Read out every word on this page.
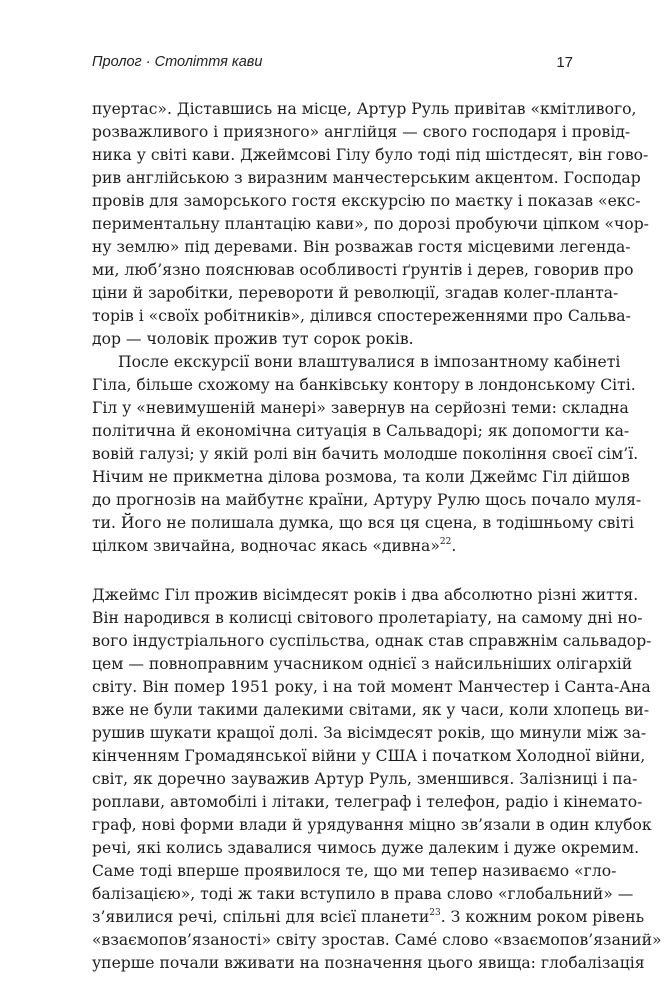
Пролог · Століття кави	17
пуертас». Діставшись на місце, Артур Руль привітав «кмітливого,
розважливого і приязного» англійця — свого господаря і провід-
ника у світі кави. Джеймсові Гілу було тоді під шістдесят, він гово-
рив англійською з виразним манчестерським акцентом. Господар
провів для заморського гостя екскурсію по маєтку і показав «екс-
периментальну плантацію кави», по дорозі пробуючи ціпком «чор-
ну землю» під деревами. Він розважав гостя місцевими легенда-
ми, люб’язно пояснював особливості ґрунтів і дерев, говорив про
ціни й заробітки, перевороти й революції, згадав колег-планта-
торів і «своїх робітників», ділився спостереженнями про Сальва-
дор — чоловік прожив тут сорок років.
После екскурсії вони влаштувалися в імпозантному кабінеті
Гіла, більше схожому на банківську контору в лондонському Сіті.
Гіл у «невимушеній манері» завернув на серйозні теми: складна
політична й економічна ситуація в Сальвадорі; як допомогти ка-
вовій галузі; у якій ролі він бачить молодше покоління своєї сім’ї.
Нічим не прикметна ділова розмова, та коли Джеймс Гіл дійшов
до прогнозів на майбутнє країни, Артуру Рулю щось почало муля-
ти. Його не полишала думка, що вся ця сцена, в тодішньому світі
цілком звичайна, водночас якась «дивна»$^{22}$.
Джеймс Гіл прожив вісімдесят років і два абсолютно різні життя.
Він народився в колисці світового пролетаріату, на самому дні но-
вого індустріального суспільства, однак став справжнім сальвадор-
цем — повноправним учасником однієї з найсильніших олігархій
світу. Він помер 1951 року, і на той момент Манчестер і Санта-Ана
вже не були такими далекими світами, як у часи, коли хлопець ви-
рушив шукати кращої долі. За вісімдесят років, що минули між за-
кінченням Громадянської війни у США і початком Холодної війни,
світ, як доречно зауважив Артур Руль, зменшився. Залізниці і па-
роплави, автомобілі і літаки, телеграф і телефон, радіо і кінемато-
граф, нові форми влади й урядування міцно зв’язали в один клубок
речі, які колись здавалися чимось дуже далеким і дуже окремим.
Саме тоді вперше проявилося те, що ми тепер називаємо «гло-
балізацією», тоді ж таки вступило в права слово «глобальний» —
з’явилися речі, спільні для всієї планети$^{23}$. З кожним роком рівень
«взаємопов’язаності» світу зростав. Самé слово «взаємопов’язаний»
уперше почали вживати на позначення цього явища: глобалізація
